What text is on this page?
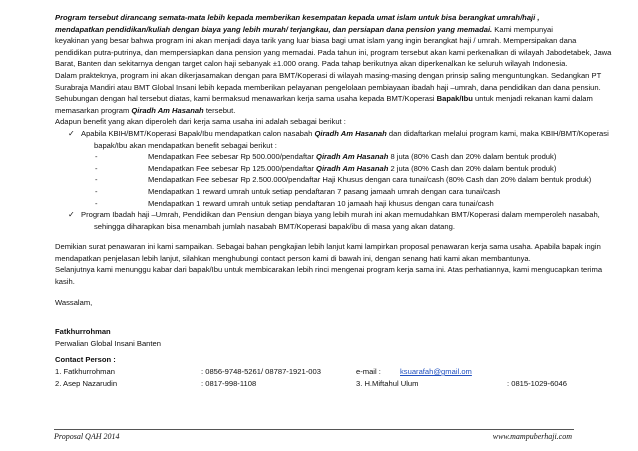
Program tersebut dirancang semata-mata lebih kepada memberikan kesempatan kepada umat islam untuk bisa berangkat umrah/haji ,

mendapatkan pendidikan/kuliah dengan biaya yang lebih murah/ terjangkau, dan persiapan dana pension yang memadai. Kami mempunyai

keyakinan yang besar bahwa program ini akan menjadi daya tarik yang luar biasa bagi umat islam yang ingin berangkat haji / umrah. Mempersipakan dana

pendidikan putra-putrinya, dan mempersiapkan dana pension yang memadai. Pada tahun ini, program tersebut akan kami perkenalkan di wilayah Jabodetabek, Jawa

Barat, Banten dan sekitarnya dengan target calon haji sebanyak ±1.000 orang. Pada tahap berikutnya akan diperkenalkan ke seluruh wilayah Indonesia.

Dalam prakteknya, program ini akan dikerjasamakan dengan para BMT/Koperasi di wilayah masing-masing dengan prinsip saling menguntungkan. Sedangkan PT

Surabraja Mandiri atau BMT Global Insani lebih kepada memberikan pelayanan pengelolaan pembiayaan ibadah haji –umrah, dana pendidikan dan dana pensiun.

Sehubungan dengan hal tersebut diatas, kami bermaksud menawarkan kerja sama usaha kepada BMT/Koperasi Bapak/Ibu untuk menjadi rekanan kami dalam

memasarkan program Qiradh Am Hasanah tersebut.

Adapun benefit yang akan diperoleh dari kerja sama usaha ini adalah sebagai berikut :

✓ Apabila KBIH/BMT/Koperasi Bapak/Ibu mendapatkan calon nasabah Qiradh Am Hasanah dan didaftarkan melalui program kami, maka KBIH/BMT/Koperasi
bapak/Ibu akan mendapatkan benefit sebagai berikut :
-	Mendapatkan Fee sebesar Rp 500.000/pendaftar Qiradh Am Hasanah 8 juta (80% Cash dan 20% dalam bentuk produk)
-	Mendapatkan Fee sebesar Rp 125.000/pendaftar Qiradh Am Hasanah 2 juta (80% Cash dan 20% dalam bentuk produk)
-	Mendapatkan Fee sebesar Rp 2.500.000/pendaftar Haji Khusus dengan cara tunai/cash (80% Cash dan 20% dalam bentuk produk)
-	Mendapatkan 1 reward umrah untuk setiap pendaftaran 7 pasang jamaah umrah dengan cara tunai/cash
-	Mendapatkan 1 reward umrah untuk setiap pendaftaran 10 jamaah haji khusus dengan cara tunai/cash
✓ Program Ibadah haji –Umrah, Pendidikan dan Pensiun dengan biaya yang lebih murah ini akan memudahkan BMT/Koperasi dalam memperoleh nasabah,
sehingga diharapkan bisa menambah jumlah nasabah BMT/Koperasi bapak/ibu di masa yang akan datang.

Demikian surat penawaran ini kami sampaikan. Sebagai bahan pengkajian lebih lanjut kami lampirkan proposal penawaran kerja sama usaha. Apabila bapak ingin

mendapatkan penjelasan lebih lanjut, silahkan menghubungi contact person kami di bawah ini, dengan senang hati kami akan membantunya.

Selanjutnya kami menunggu kabar dari bapak/Ibu untuk membicarakan lebih rinci mengenai program kerja sama ini. Atas perhatiannya, kami mengucapkan terima

kasih.

Wassalam,

Fatkhurrohman

Perwalian Global Insani Banten

Contact Person :

1. Fatkhurrohman	: 0856-9748-5261/ 08787-1921-003	e-mail :	ksuarafah@gmail.om
2. Asep Nazarudin	: 0817-998-1108	3. H.Miftahul Ulum	: 0815-1029-6046
Proposal QAH 2014	www.mampuberhaji.com
